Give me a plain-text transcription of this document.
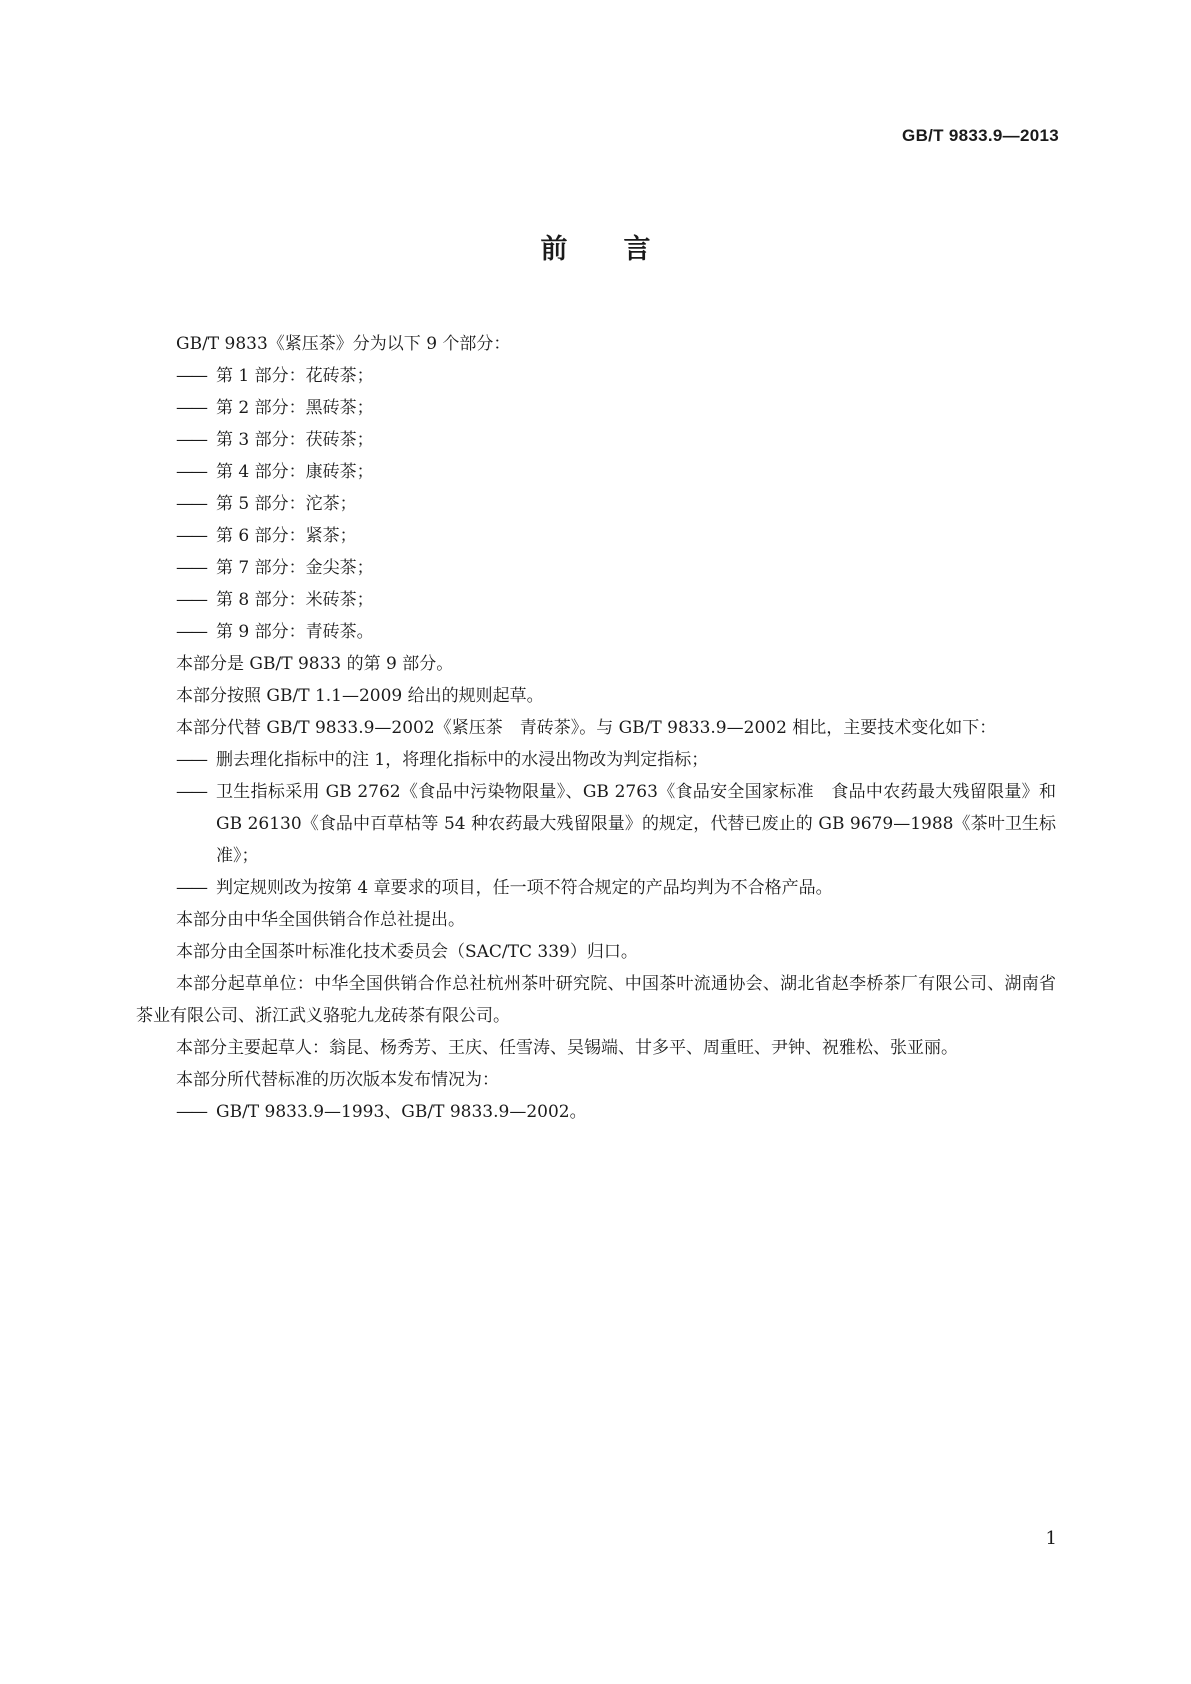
GB/T 9833.9—2013

前言

GB/T 9833《紧压茶》分为以下 9 个部分：

—— 第 1 部分：花砖茶；

—— 第 2 部分：黑砖茶；

—— 第 3 部分：茯砖茶；

—— 第 4 部分：康砖茶；

—— 第 5 部分：沱茶；

—— 第 6 部分：紧茶；

—— 第 7 部分：金尖茶；

—— 第 8 部分：米砖茶；

—— 第 9 部分：青砖茶。

本部分是 GB/T 9833 的第 9 部分。

本部分按照 GB/T 1.1—2009 给出的规则起草。

本部分代替 GB/T 9833.9—2002《紧压茶　青砖茶》。与 GB/T 9833.9—2002 相比，主要技术变化如下：

—— 删去理化指标中的注 1，将理化指标中的水浸出物改为判定指标；

—— 卫生指标采用 GB 2762《食品中污染物限量》、GB 2763《食品安全国家标准　食品中农药最大残留限量》和 GB 26130《食品中百草枯等 54 种农药最大残留限量》的规定，代替已废止的 GB 9679—1988《茶叶卫生标准》；

—— 判定规则改为按第 4 章要求的项目，任一项不符合规定的产品均判为不合格产品。

本部分由中华全国供销合作总社提出。

本部分由全国茶叶标准化技术委员会（SAC/TC 339）归口。

本部分起草单位：中华全国供销合作总社杭州茶叶研究院、中国茶叶流通协会、湖北省赵李桥茶厂有限公司、湖南省茶业有限公司、浙江武义骆驼九龙砖茶有限公司。

本部分主要起草人：翁昆、杨秀芳、王庆、任雪涛、吴锡端、甘多平、周重旺、尹钟、祝雅松、张亚丽。

本部分所代替标准的历次版本发布情况为：

—— GB/T 9833.9—1993、GB/T 9833.9—2002。

1
